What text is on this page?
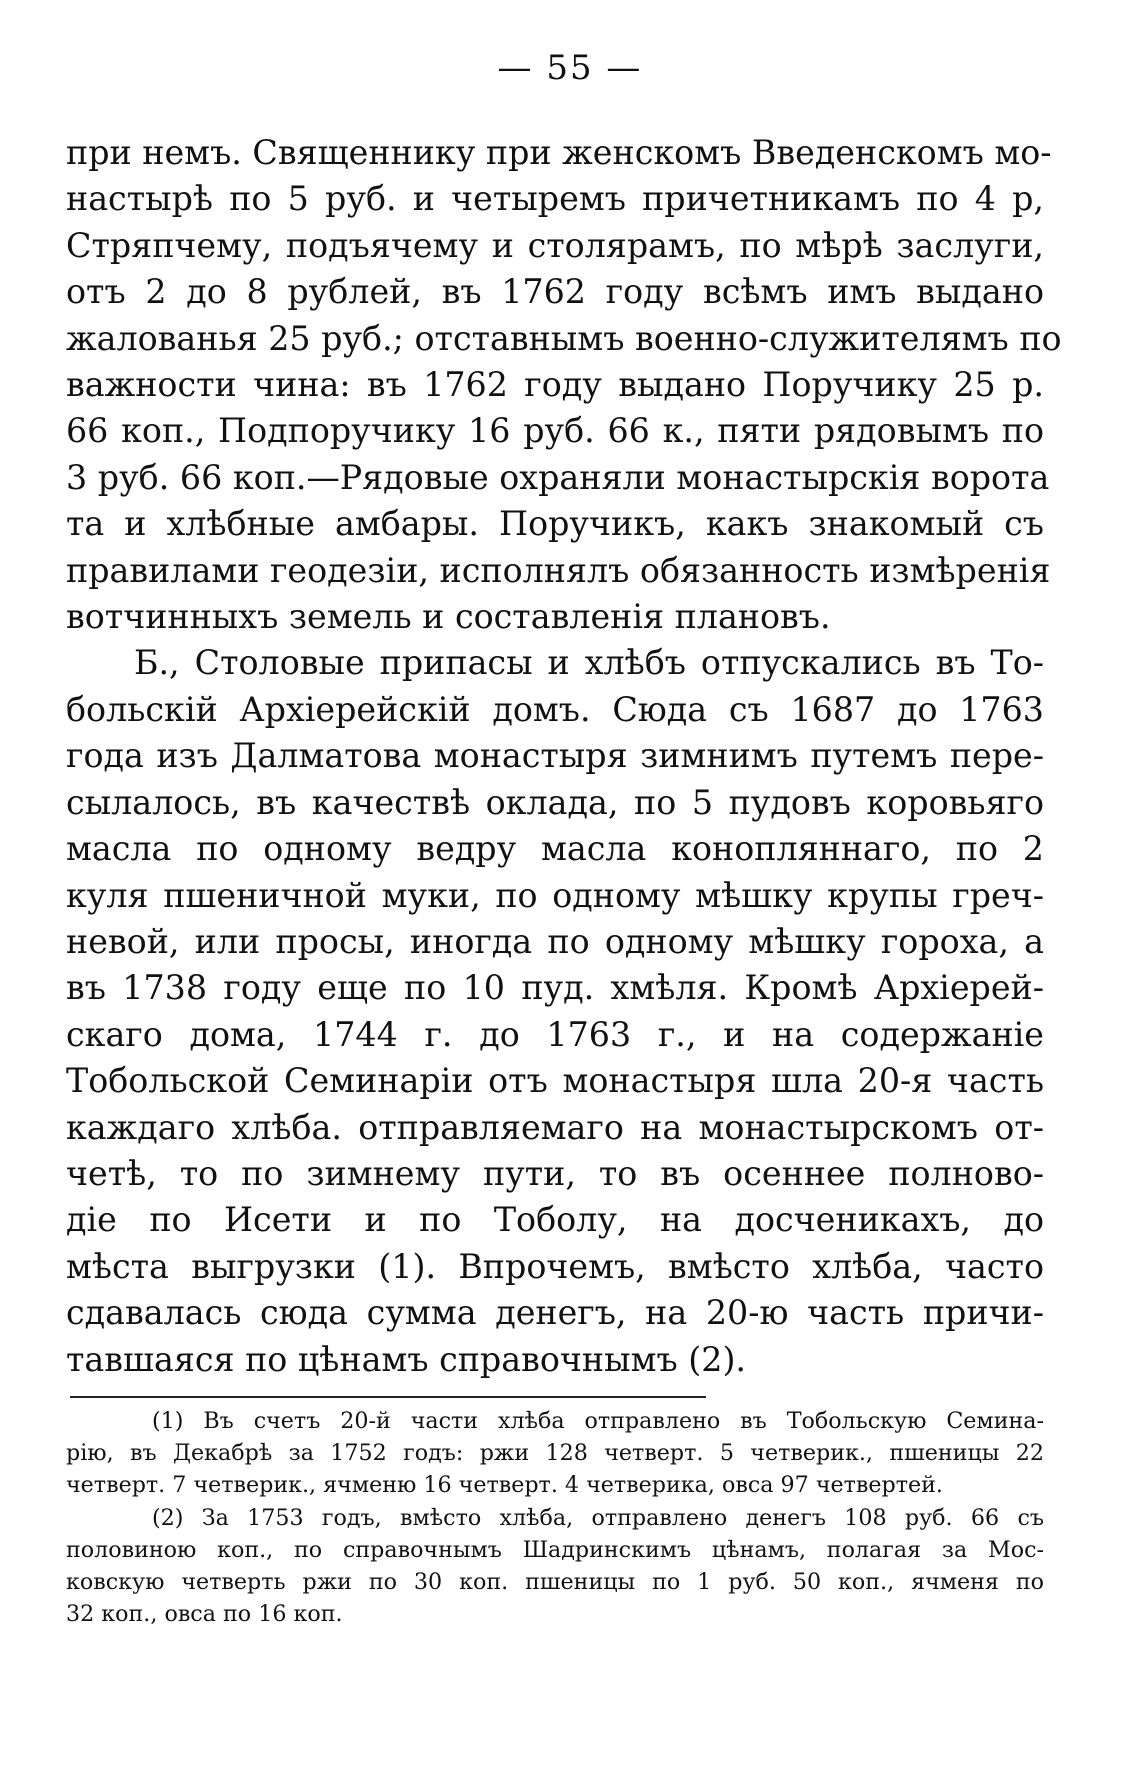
— 55 —

при немъ. Священнику при женскомъ Введенскомъ мо-
настырѣ по 5 руб. и четыремъ причетникамъ по 4 р,
Стряпчему, подъячему и столярамъ, по мѣрѣ заслуги,
отъ 2 до 8 рублей, въ 1762 году всѣмъ имъ выдано
жалованья 25 руб.; отставнымъ военно-служителямъ по
важности чина: въ 1762 году выдано Поручику 25 р.
66 коп., Подпоручику 16 руб. 66 к., пяти рядовымъ по
3 руб. 66 коп.—Рядовые охраняли монастырскія ворота
та и хлѣбные амбары. Поручикъ, какъ знакомый съ
правилами геодезіи, исполнялъ обязанность измѣренія
вотчинныхъ земель и составленія плановъ.

Б., Столовые припасы и хлѣбъ отпускались въ То-
больскій Архіерейскій домъ. Сюда съ 1687 до 1763
года изъ Далматова монастыря зимнимъ путемъ пере-
сылалось, въ качествѣ оклада, по 5 пудовъ коровьяго
масла по одному ведру масла конопляннаго, по 2
куля пшеничной муки, по одному мѣшку крупы греч-
невой, или просы, иногда по одному мѣшку гороха, а
въ 1738 году еще по 10 пуд. хмѣля. Кромѣ Архіерей-
скаго дома, 1744 г. до 1763 г., и на содержаніе
Тобольской Семинаріи отъ монастыря шла 20-я часть
каждаго хлѣба. отправляемаго на монастырскомъ от-
четѣ, то по зимнему пути, то въ осеннее полново-
діе по Исети и по Тоболу, на досченикахъ, до
мѣста выгрузки (1). Впрочемъ, вмѣсто хлѣба, часто
сдавалась сюда сумма денегъ, на 20-ю часть причи-
тавшаяся по цѣнамъ справочнымъ (2).

(1) Въ счетъ 20-й части хлѣба отправлено въ Тобольскую Семина-
рію, въ Декабрѣ за 1752 годъ: ржи 128 четверт. 5 четверик., пшеницы 22
четверт. 7 четверик., ячменю 16 четверт. 4 четверика, овса 97 четвертей.

(2) За 1753 годъ, вмѣсто хлѣба, отправлено денегъ 108 руб. 66 съ
половиною коп., по справочнымъ Шадринскимъ цѣнамъ, полагая за Мос-
ковскую четверть ржи по 30 коп. пшеницы по 1 руб. 50 коп., ячменя по
32 коп., овса по 16 коп.
